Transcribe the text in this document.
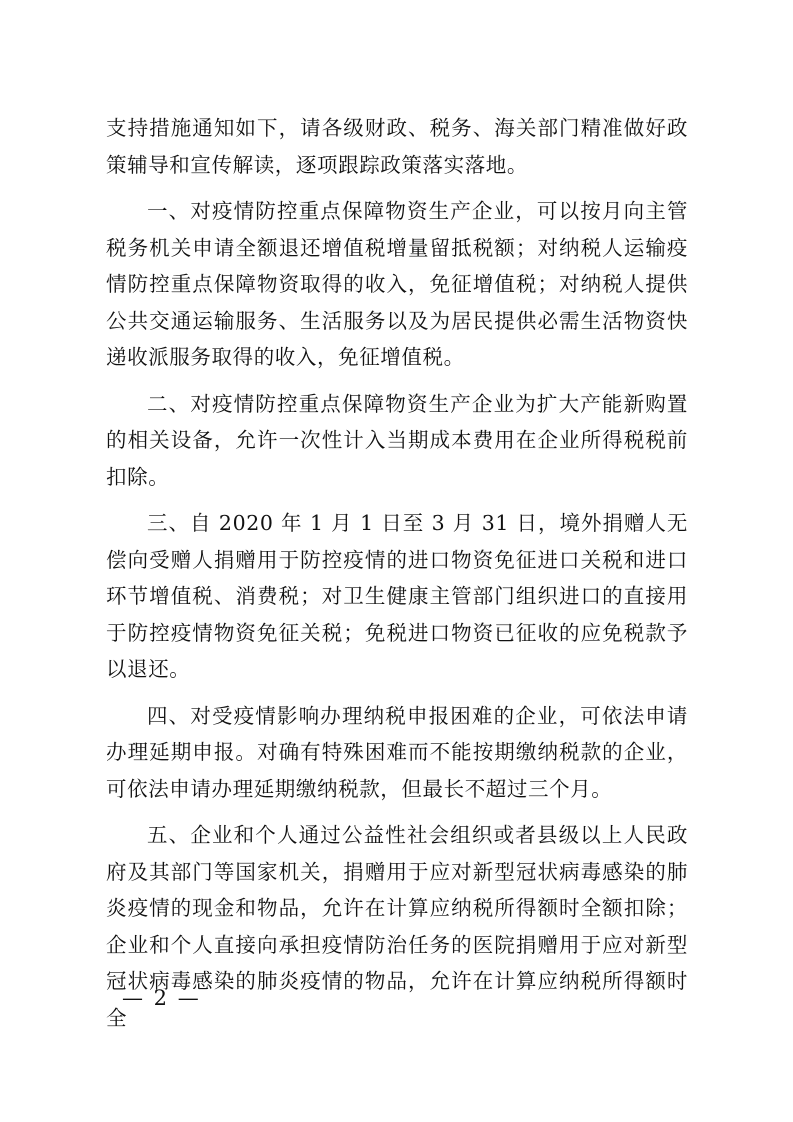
支持措施通知如下，请各级财政、税务、海关部门精准做好政策辅导和宣传解读，逐项跟踪政策落实落地。

一、对疫情防控重点保障物资生产企业，可以按月向主管税务机关申请全额退还增值税增量留抵税额；对纳税人运输疫情防控重点保障物资取得的收入，免征增值税；对纳税人提供公共交通运输服务、生活服务以及为居民提供必需生活物资快递收派服务取得的收入，免征增值税。

二、对疫情防控重点保障物资生产企业为扩大产能新购置的相关设备，允许一次性计入当期成本费用在企业所得税税前扣除。

三、自 2020 年 1 月 1 日至 3 月 31 日，境外捐赠人无偿向受赠人捐赠用于防控疫情的进口物资免征进口关税和进口环节增值税、消费税；对卫生健康主管部门组织进口的直接用于防控疫情物资免征关税；免税进口物资已征收的应免税款予以退还。

四、对受疫情影响办理纳税申报困难的企业，可依法申请办理延期申报。对确有特殊困难而不能按期缴纳税款的企业，可依法申请办理延期缴纳税款，但最长不超过三个月。

五、企业和个人通过公益性社会组织或者县级以上人民政府及其部门等国家机关，捐赠用于应对新型冠状病毒感染的肺炎疫情的现金和物品，允许在计算应纳税所得额时全额扣除；企业和个人直接向承担疫情防治任务的医院捐赠用于应对新型冠状病毒感染的肺炎疫情的物品，允许在计算应纳税所得额时全

— 2 —
